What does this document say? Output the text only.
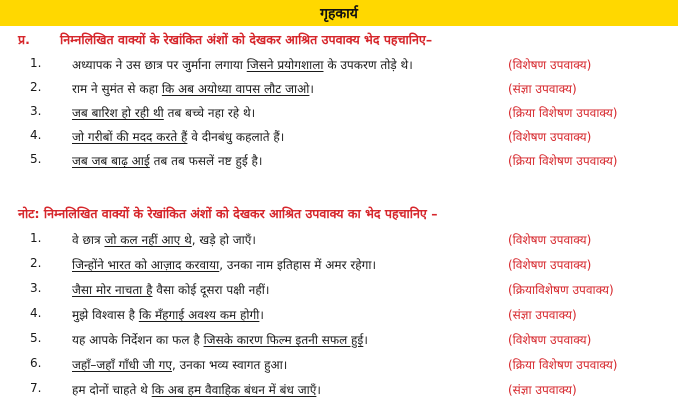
गृहकार्य
प्र. निम्नलिखित वाक्यों के रेखांकित अंशों को देखकर आश्रित उपवाक्य भेद पहचानिए–
1.	अध्यापक ने उस छात्र पर जुर्माना लगाया जिसने प्रयोगशाला के उपकरण तोड़े थे।	(विशेषण उपवाक्य)
2.	राम ने सुमंत से कहा कि अब अयोध्या वापस लौट जाओ।	(संज्ञा उपवाक्य)
3.	जब बारिश हो रही थी तब बच्चे नहा रहे थे।	(क्रिया विशेषण उपवाक्य)
4.	जो गरीबों की मदद करते हैं वे दीनबंधु कहलाते हैं।	(विशेषण उपवाक्य)
5.	जब जब बाढ़ आई तब तब फसलें नष्ट हुई है।	(क्रिया विशेषण उपवाक्य)
नोट: निम्नलिखित वाक्यों के रेखांकित अंशों को देखकर आश्रित उपवाक्य का भेद पहचानिए –
1.	वे छात्र जो कल नहीं आए थे, खड़े हो जाएँ।	(विशेषण उपवाक्य)
2.	जिन्होंने भारत को आज़ाद करवाया, उनका नाम इतिहास में अमर रहेगा।	(विशेषण उपवाक्य)
3.	जैसा मोर नाचता है वैसा कोई दूसरा पक्षी नहीं।	(क्रियाविशेषण उपवाक्य)
4.	मुझे विश्वास है कि मँहगाई अवश्य कम होगी।	(संज्ञा उपवाक्य)
5.	यह आपके निर्देशन का फल है जिसके कारण फिल्म इतनी सफल हुई।	(विशेषण उपवाक्य)
6.	जहाँ–जहाँ गाँधी जी गए, उनका भव्य स्वागत हुआ।	(क्रिया विशेषण उपवाक्य)
7.	हम दोनों चाहते थे कि अब हम वैवाहिक बंधन में बंध जाएँ।	(संज्ञा उपवाक्य)
